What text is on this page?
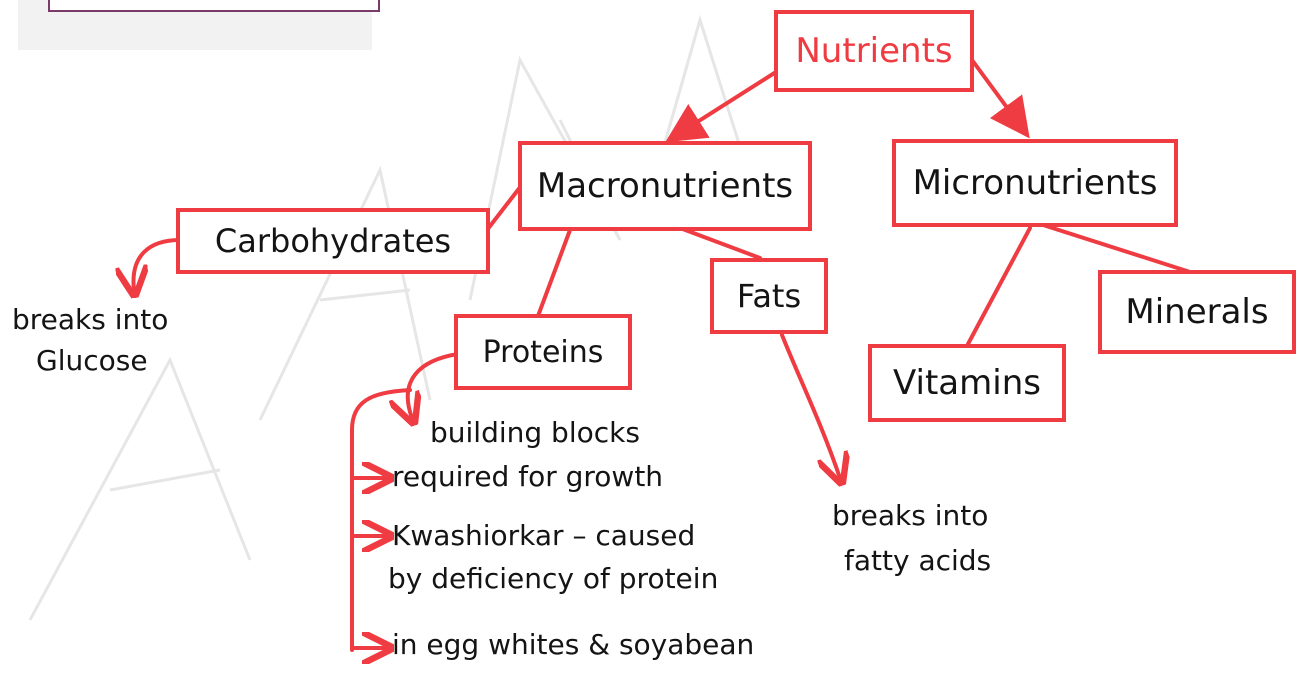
Nutrients
Macronutrients	Micronutrients
Carbohydrates
Proteins
Fats
Vitamins
Minerals
breaks into
Glucose
building blocks
required for growth
Kwashiorkar – caused
by deficiency of protein
in egg whites & soyabean
breaks into
fatty acids
